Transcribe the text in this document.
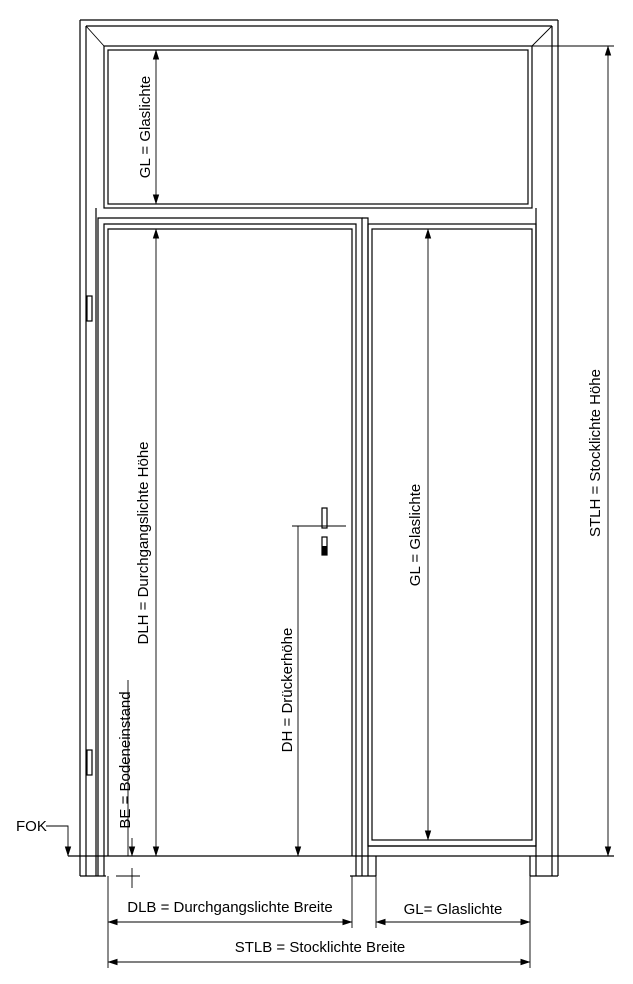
GL = Glaslichte
STLH = Stocklichte Höhe
DLH = Durchgangslichte Höhe	GL = Glaslichte
DH = Drückerhöhe
BE = Bodeneinstand
FOK
DLB = Durchgangslichte Breite	GL= Glaslichte
STLB = Stocklichte Breite
